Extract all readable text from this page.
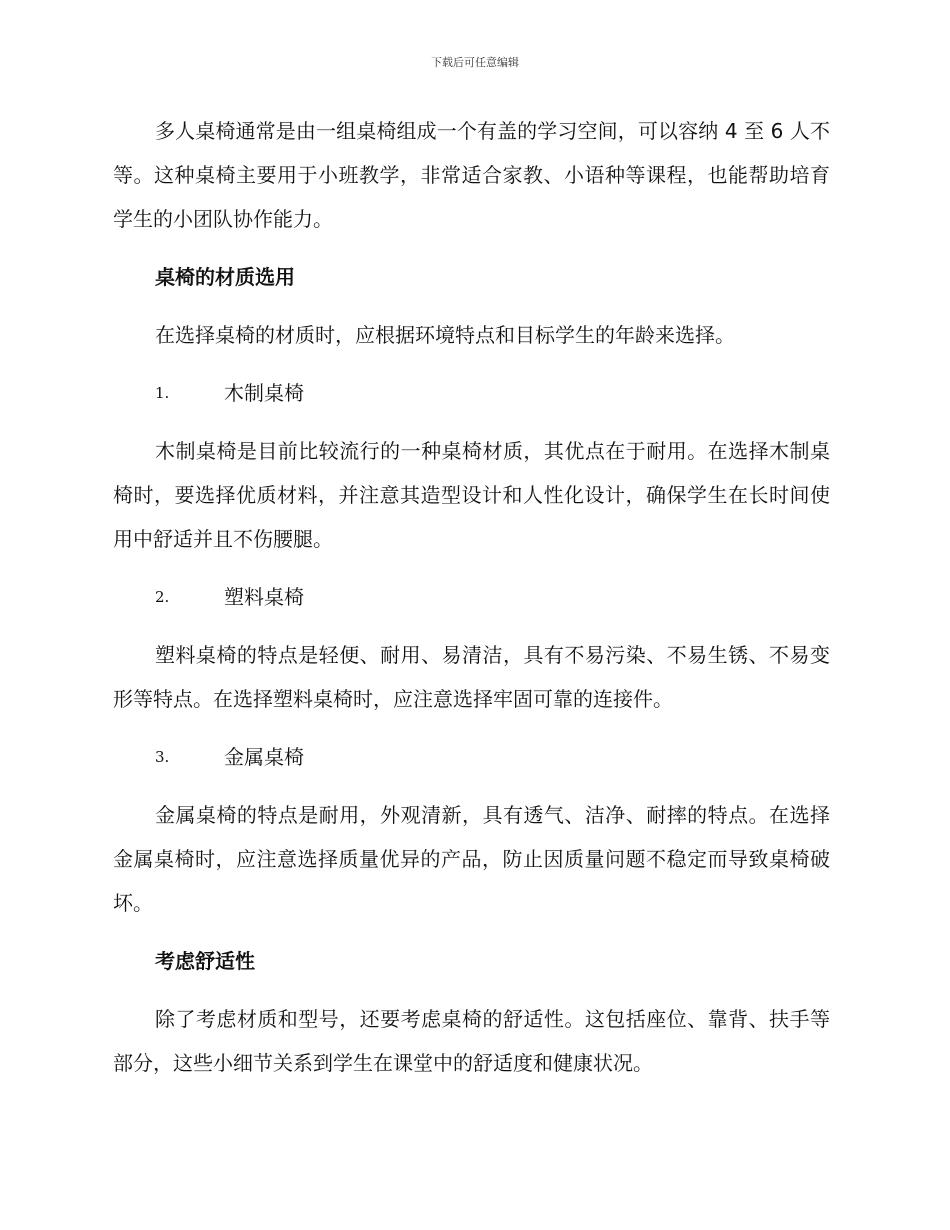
下载后可任意编辑

多人桌椅通常是由一组桌椅组成一个有盖的学习空间，可以容纳 4 至 6 人不等。这种桌椅主要用于小班教学，非常适合家教、小语种等课程，也能帮助培育学生的小团队协作能力。

桌椅的材质选用

在选择桌椅的材质时，应根据环境特点和目标学生的年龄来选择。

1.	木制桌椅

木制桌椅是目前比较流行的一种桌椅材质，其优点在于耐用。在选择木制桌椅时，要选择优质材料，并注意其造型设计和人性化设计，确保学生在长时间使用中舒适并且不伤腰腿。

2.	塑料桌椅

塑料桌椅的特点是轻便、耐用、易清洁，具有不易污染、不易生锈、不易变形等特点。在选择塑料桌椅时，应注意选择牢固可靠的连接件。

3.	金属桌椅

金属桌椅的特点是耐用，外观清新，具有透气、洁净、耐摔的特点。在选择金属桌椅时，应注意选择质量优异的产品，防止因质量问题不稳定而导致桌椅破坏。

考虑舒适性

除了考虑材质和型号，还要考虑桌椅的舒适性。这包括座位、靠背、扶手等部分，这些小细节关系到学生在课堂中的舒适度和健康状况。
